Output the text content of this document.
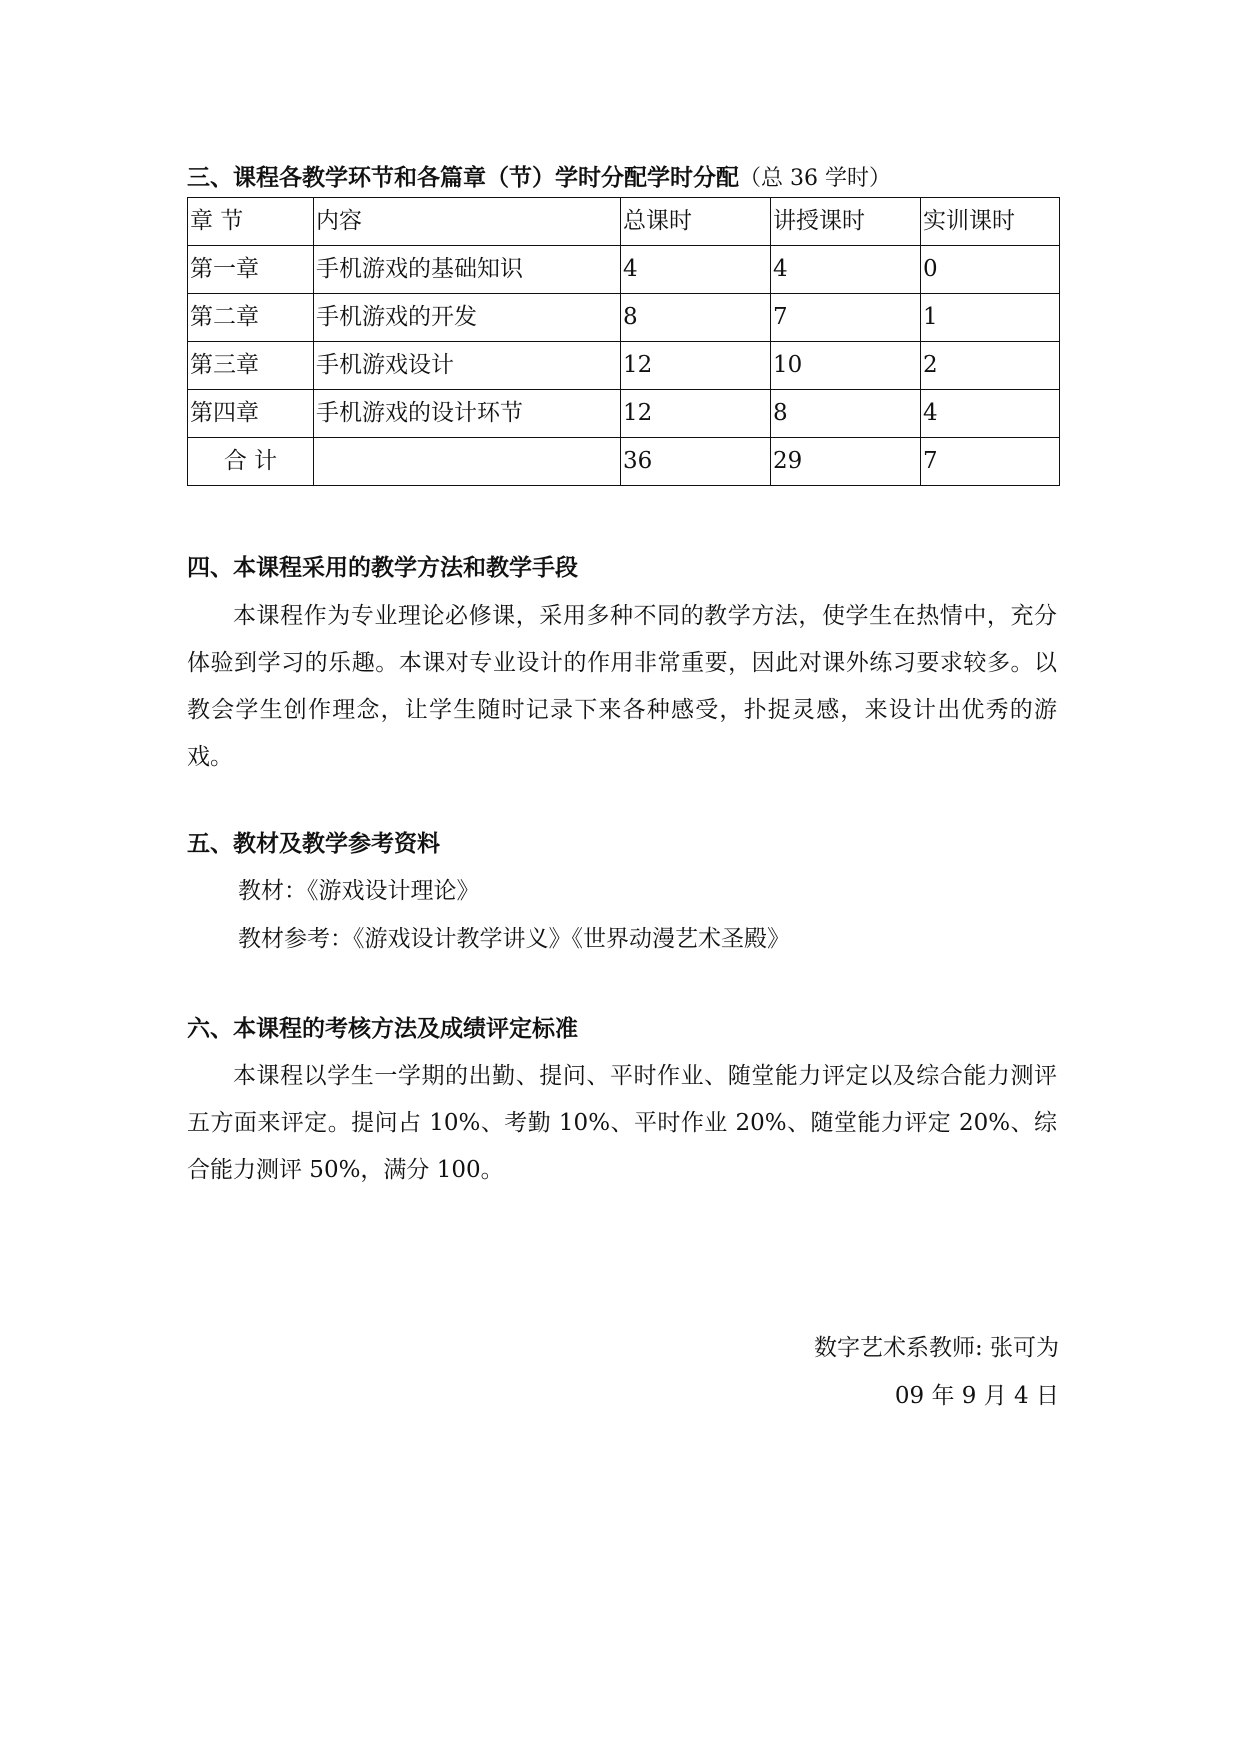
三、课程各教学环节和各篇章（节）学时分配学时分配（总 36 学时）
章 节	内容	总课时	讲授课时	实训课时
第一章	手机游戏的基础知识	4	4	0
第二章	手机游戏的开发	8	7	1
第三章	手机游戏设计	12	10	2
第四章	手机游戏的设计环节	12	8	4
合 计		36	29	7
四、本课程采用的教学方法和教学手段
本课程作为专业理论必修课，采用多种不同的教学方法，使学生在热情中，充分体验到学习的乐趣。本课对专业设计的作用非常重要，因此对课外练习要求较多。以教会学生创作理念，让学生随时记录下来各种感受，扑捉灵感，来设计出优秀的游戏。
五、教材及教学参考资料
教材：《游戏设计理论》
教材参考：《游戏设计教学讲义》《世界动漫艺术圣殿》
六、本课程的考核方法及成绩评定标准
本课程以学生一学期的出勤、提问、平时作业、随堂能力评定以及综合能力测评五方面来评定。提问占 10%、考勤 10%、平时作业 20%、随堂能力评定 20%、综合能力测评 50%，满分 100。
数字艺术系教师: 张可为
09 年 9 月 4 日
